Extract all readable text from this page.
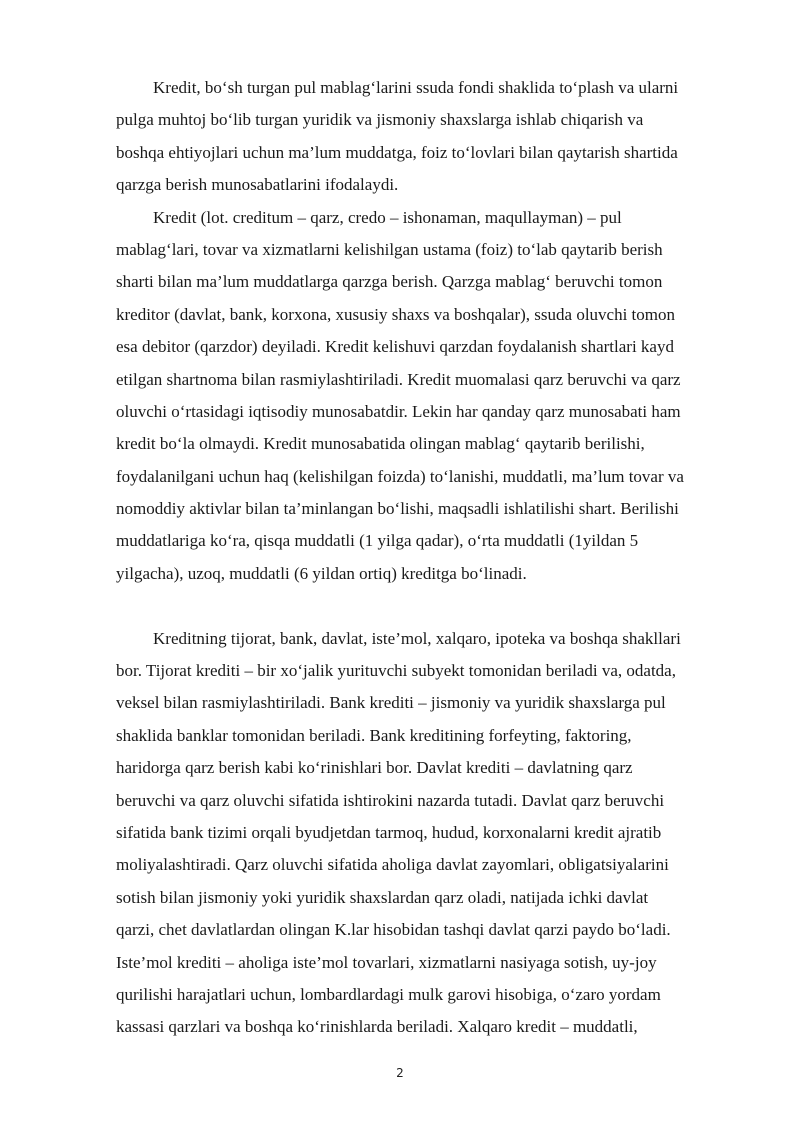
Kredit, bo‘sh turgan pul mablag‘larini ssuda fondi shaklida to‘plash va ularni
pulga muhtoj bo‘lib turgan yuridik va jismoniy shaxslarga ishlab chiqarish va
boshqa ehtiyojlari uchun ma’lum muddatga, foiz to‘lovlari bilan qaytarish shartida
qarzga berish munosabatlarini ifodalaydi.
Kredit (lot. creditum – qarz, credo – ishonaman, maqullayman) – pul
mablag‘lari, tovar va xizmatlarni kelishilgan ustama (foiz) to‘lab qaytarib berish
sharti bilan ma’lum muddatlarga qarzga berish. Qarzga mablag‘ beruvchi tomon
kreditor (davlat, bank, korxona, xususiy shaxs va boshqalar), ssuda oluvchi tomon
esa debitor (qarzdor) deyiladi. Kredit kelishuvi qarzdan foydalanish shartlari kayd
etilgan shartnoma bilan rasmiylashtiriladi. Kredit muomalasi qarz beruvchi va qarz
oluvchi o‘rtasidagi iqtisodiy munosabatdir. Lekin har qanday qarz munosabati ham
kredit bo‘la olmaydi. Kredit munosabatida olingan mablag‘ qaytarib berilishi,
foydalanilgani uchun haq (kelishilgan foizda) to‘lanishi, muddatli, ma’lum tovar va
nomoddiy aktivlar bilan ta’minlangan bo‘lishi, maqsadli ishlatilishi shart. Berilishi
muddatlariga ko‘ra, qisqa muddatli (1 yilga qadar), o‘rta muddatli (1yildan 5
yilgacha), uzoq, muddatli (6 yildan ortiq) kreditga bo‘linadi.
Kreditning tijorat, bank, davlat, iste’mol, xalqaro, ipoteka va boshqa shakllari
bor. Tijorat krediti – bir xo‘jalik yurituvchi subyekt tomonidan beriladi va, odatda,
veksel bilan rasmiylashtiriladi. Bank krediti – jismoniy va yuridik shaxslarga pul
shaklida banklar tomonidan beriladi. Bank kreditining forfeyting, faktoring,
haridorga qarz berish kabi ko‘rinishlari bor. Davlat krediti – davlatning qarz
beruvchi va qarz oluvchi sifatida ishtirokini nazarda tutadi. Davlat qarz beruvchi
sifatida bank tizimi orqali byudjetdan tarmoq, hudud, korxonalarni kredit ajratib
moliyalashtiradi. Qarz oluvchi sifatida aholiga davlat zayomlari, obligatsiyalarini
sotish bilan jismoniy yoki yuridik shaxslardan qarz oladi, natijada ichki davlat
qarzi, chet davlatlardan olingan K.lar hisobidan tashqi davlat qarzi paydo bo‘ladi.
Iste’mol krediti – aholiga iste’mol tovarlari, xizmatlarni nasiyaga sotish, uy-joy
qurilishi harajatlari uchun, lombardlardagi mulk garovi hisobiga, o‘zaro yordam
kassasi qarzlari va boshqa ko‘rinishlarda beriladi. Xalqaro kredit – muddatli,
2
